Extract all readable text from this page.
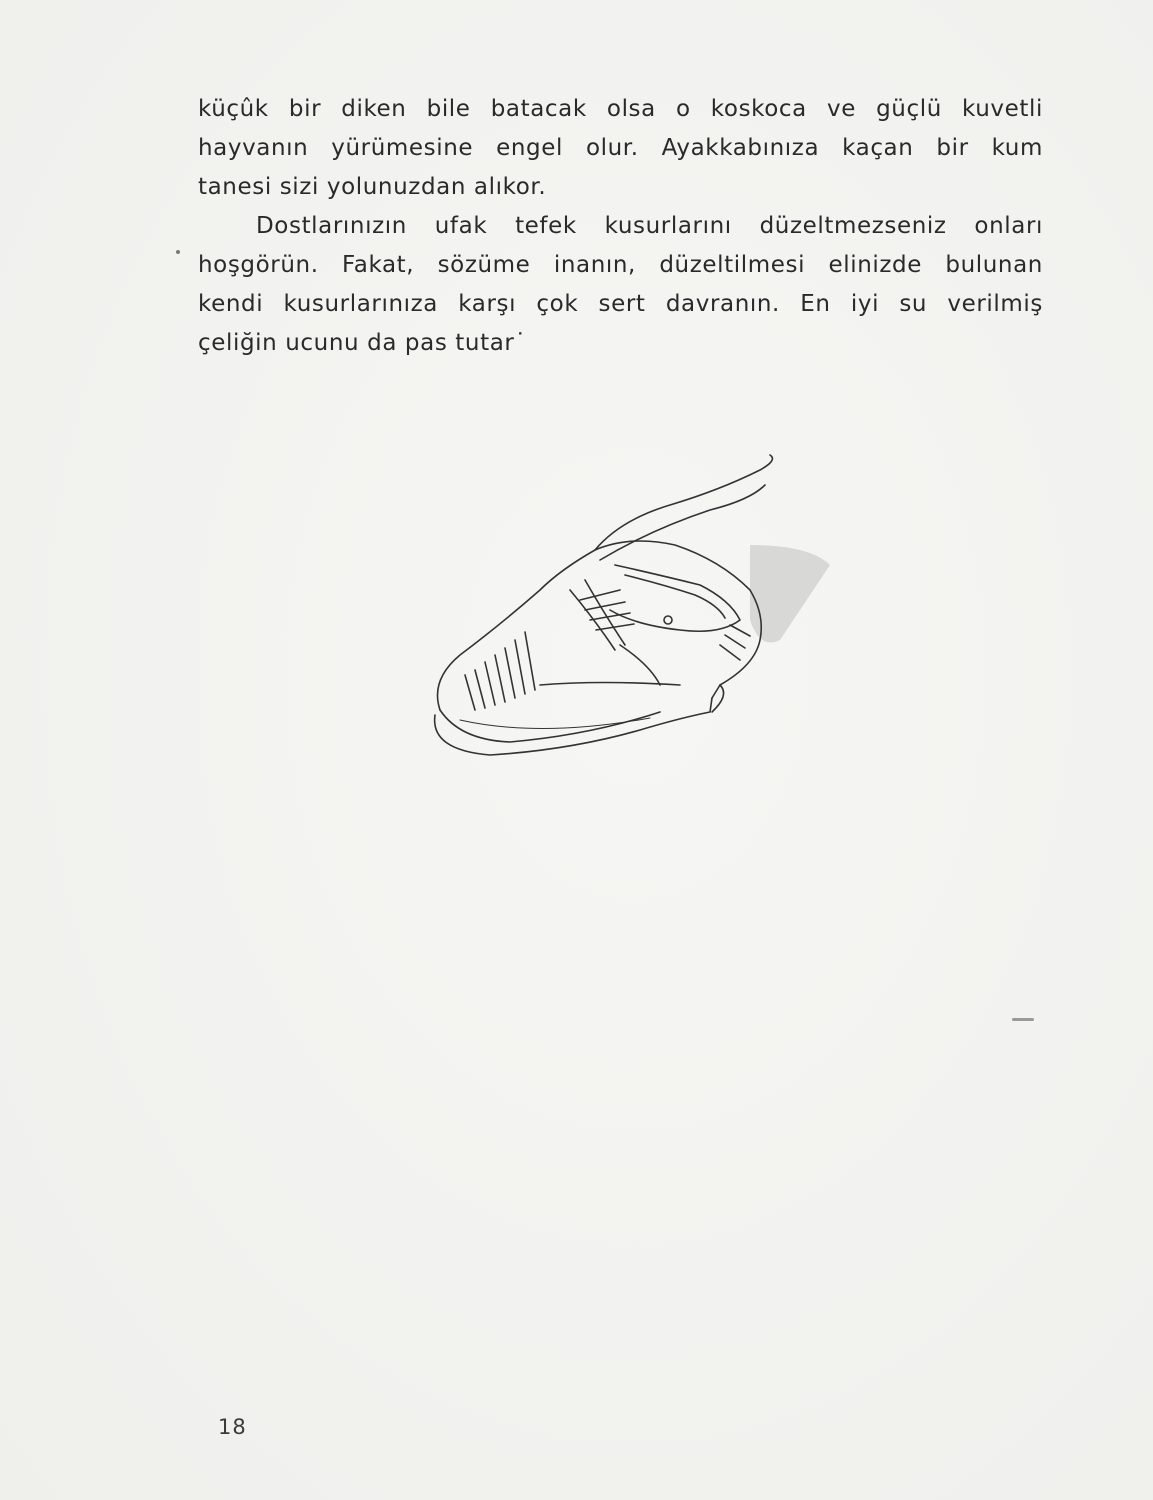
küçûk bir diken bile batacak olsa o koskoca ve güçlü kuvetli
hayvanın yürümesine engel olur. Ayakkabınıza kaçan bir kum
tanesi sizi yolunuzdan alıkor.
Dostlarınızın ufak tefek kusurlarını düzeltmezseniz onları
hoşgörün. Fakat, sözüme inanın, düzeltilmesi elinizde bulunan
kendi kusurlarınıza karşı çok sert davranın. En iyi su verilmiş
çeliğin ucunu da pas tutar˙
18
